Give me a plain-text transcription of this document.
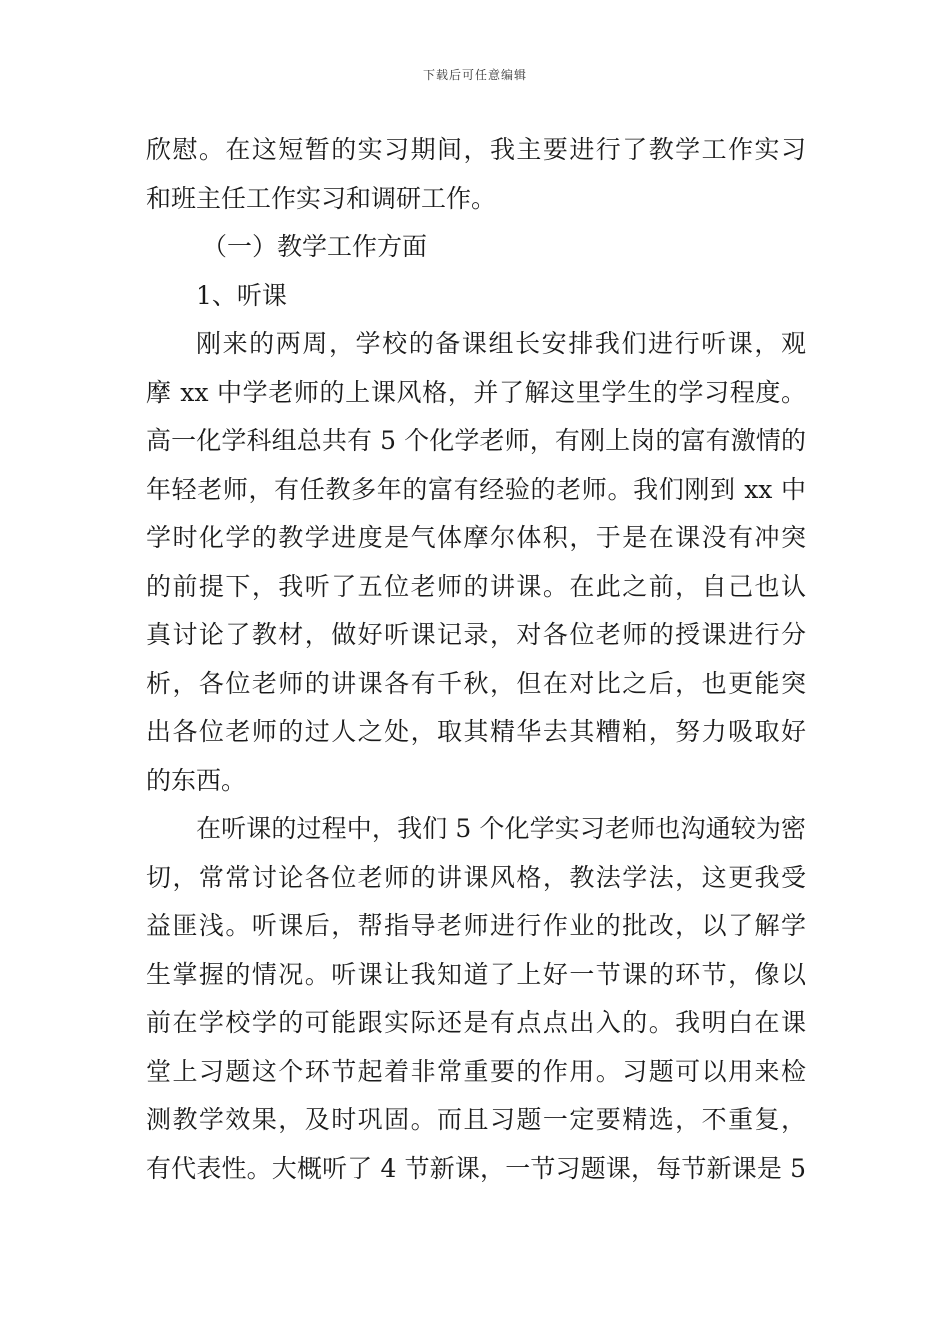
下载后可任意编辑
欣慰。在这短暂的实习期间，我主要进行了教学工作实习
和班主任工作实习和调研工作。
（一）教学工作方面
1、听课
刚来的两周，学校的备课组长安排我们进行听课，观
摩 xx 中学老师的上课风格，并了解这里学生的学习程度。
高一化学科组总共有 5 个化学老师，有刚上岗的富有激情的
年轻老师，有任教多年的富有经验的老师。我们刚到 xx 中
学时化学的教学进度是气体摩尔体积，于是在课没有冲突
的前提下，我听了五位老师的讲课。在此之前，自己也认
真讨论了教材，做好听课记录，对各位老师的授课进行分
析，各位老师的讲课各有千秋，但在对比之后，也更能突
出各位老师的过人之处，取其精华去其糟粕，努力吸取好
的东西。
在听课的过程中，我们 5 个化学实习老师也沟通较为密
切，常常讨论各位老师的讲课风格，教法学法，这更我受
益匪浅。听课后，帮指导老师进行作业的批改，以了解学
生掌握的情况。听课让我知道了上好一节课的环节，像以
前在学校学的可能跟实际还是有点点出入的。我明白在课
堂上习题这个环节起着非常重要的作用。习题可以用来检
测教学效果，及时巩固。而且习题一定要精选，不重复，
有代表性。大概听了 4 节新课，一节习题课，每节新课是 5
